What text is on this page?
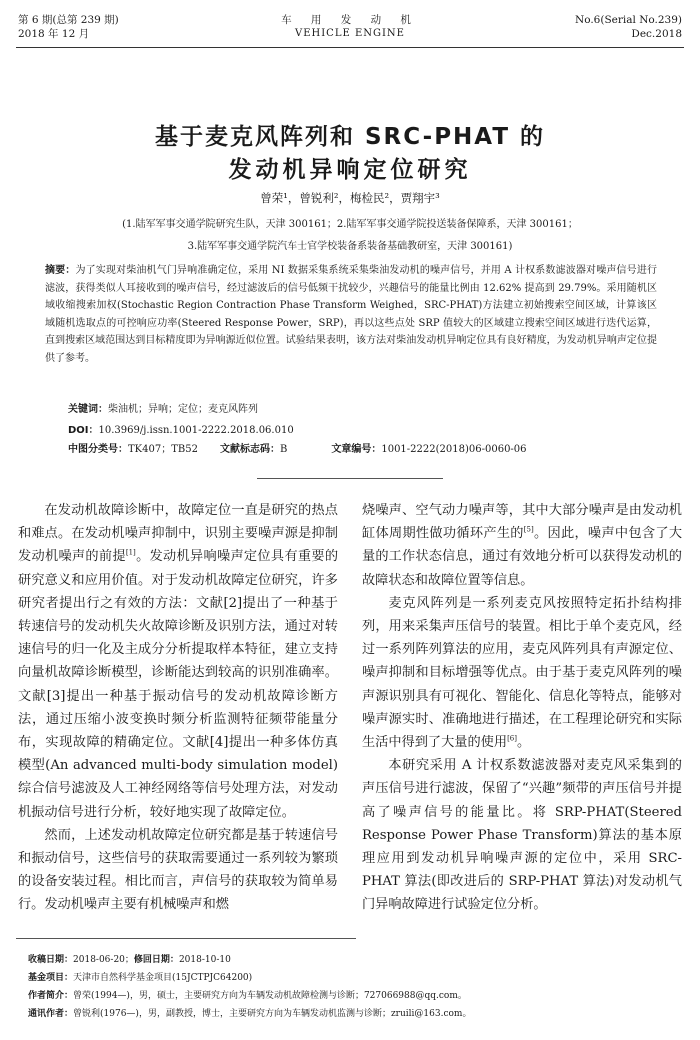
第 6 期(总第 239 期)
2018 年 12 月
车 用 发 动 机
VEHICLE ENGINE
No.6(Serial No.239)
Dec.2018
基于麦克风阵列和 SRC-PHAT 的
发动机异响定位研究
曾荣¹，曾锐利²，梅检民²，贾翔宇³
(1.陆军军事交通学院研究生队，天津 300161；2.陆军军事交通学院投送装备保障系，天津 300161；
3.陆军军事交通学院汽车士官学校装备系装备基础教研室，天津 300161)
摘要：为了实现对柴油机气门异响准确定位，采用 NI 数据采集系统采集柴油发动机的噪声信号，并用 A 计权系数滤波器对噪声信号进行滤波，获得类似人耳接收到的噪声信号，经过滤波后的信号低频干扰较少，兴趣信号的能量比例由 12.62% 提高到 29.79%。采用随机区域收缩搜索加权(Stochastic Region Contraction Phase Transform Weighed，SRC-PHAT)方法建立初始搜索空间区域，计算该区域随机选取点的可控响应功率(Steered Response Power，SRP)，再以这些点处 SRP 值较大的区域建立搜索空间区域进行迭代运算，直到搜索区域范围达到目标精度即为异响源近似位置。试验结果表明，该方法对柴油发动机异响定位具有良好精度，为发动机异响声定位提供了参考。
关键词：柴油机；异响；定位；麦克风阵列
DOI：10.3969/j.issn.1001-2222.2018.06.010
中图分类号：TK407；TB52 文献标志码：B	文章编号：1001-2222(2018)06-0060-06

在发动机故障诊断中，故障定位一直是研究的热点和难点。在发动机噪声抑制中，识别主要噪声源是抑制发动机噪声的前提[1]。发动机异响噪声定位具有重要的研究意义和应用价值。对于发动机故障定位研究，许多研究者提出行之有效的方法：文献[2]提出了一种基于转速信号的发动机失火故障诊断及识别方法，通过对转速信号的归一化及主成分分析提取样本特征，建立支持向量机故障诊断模型，诊断能达到较高的识别准确率。文献[3]提出一种基于振动信号的发动机故障诊断方法，通过压缩小波变换时频分析监测特征频带能量分布，实现故障的精确定位。文献[4]提出一种多体仿真模型(An advanced multi-body simulation model)综合信号滤波及人工神经网络等信号处理方法，对发动机振动信号进行分析，较好地实现了故障定位。

然而，上述发动机故障定位研究都是基于转速信号和振动信号，这些信号的获取需要通过一系列较为繁琐的设备安装过程。相比而言，声信号的获取较为简单易行。发动机噪声主要有机械噪声和燃

烧噪声、空气动力噪声等，其中大部分噪声是由发动机缸体周期性做功循环产生的[5]。因此，噪声中包含了大量的工作状态信息，通过有效地分析可以获得发动机的故障状态和故障位置等信息。

麦克风阵列是一系列麦克风按照特定拓扑结构排列，用来采集声压信号的装置。相比于单个麦克风，经过一系列阵列算法的应用，麦克风阵列具有声源定位、噪声抑制和目标增强等优点。由于基于麦克风阵列的噪声源识别具有可视化、智能化、信息化等特点，能够对噪声源实时、准确地进行描述，在工程理论研究和实际生活中得到了大量的使用[6]。

本研究采用 A 计权系数滤波器对麦克风采集到的声压信号进行滤波，保留了“兴趣”频带的声压信号并提高了噪声信号的能量比。将 SRP-PHAT(Steered Response Power Phase Transform)算法的基本原理应用到发动机异响噪声源的定位中，采用 SRC-PHAT 算法(即改进后的 SRP-PHAT 算法)对发动机气门异响故障进行试验定位分析。

收稿日期：2018-06-20；修回日期：2018-10-10
基金项目：天津市自然科学基金项目(15JCTPJC64200)
作者简介：曾荣(1994—)，男，硕士，主要研究方向为车辆发动机故障检测与诊断；727066988@qq.com。
通讯作者：曾锐利(1976—)，男，副教授，博士，主要研究方向为车辆发动机监测与诊断；zruili@163.com。
